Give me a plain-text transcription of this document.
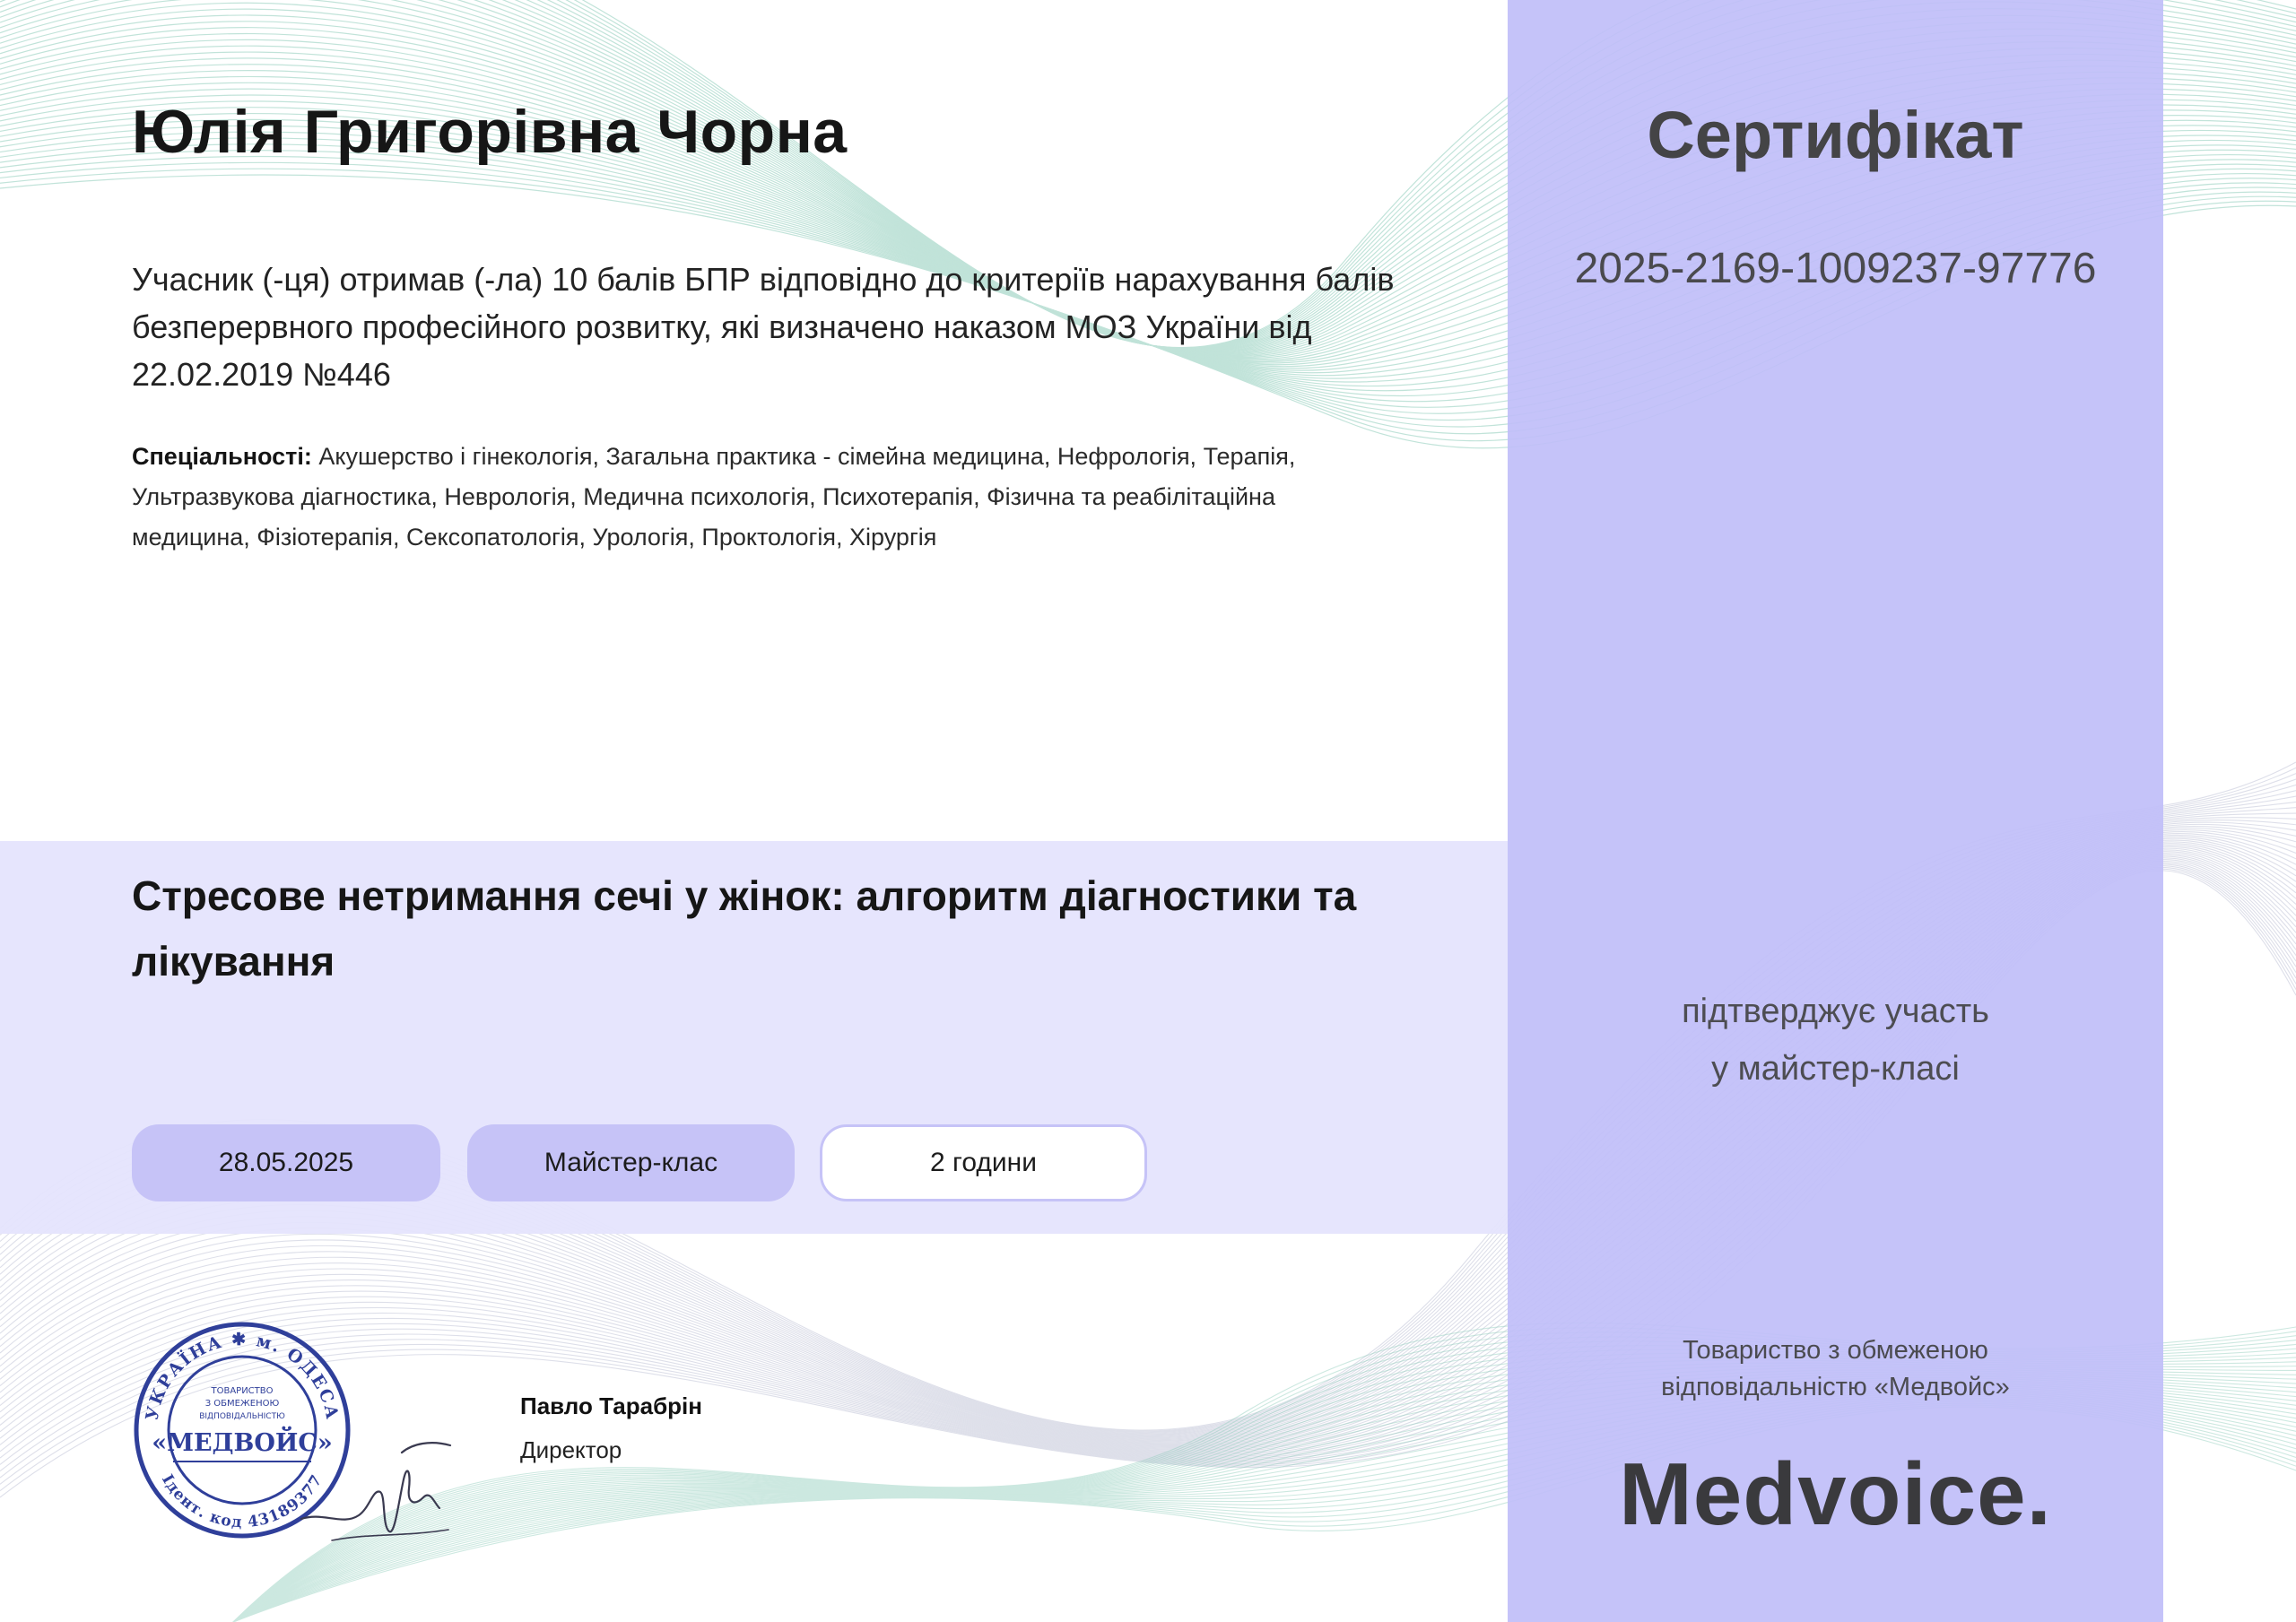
Юлія Григорівна Чорна

Учасник (-ця) отримав (-ла) 10 балів БПР відповідно до критеріїв нарахування балів безперервного професійного розвитку, які визначено наказом МОЗ України від 22.02.2019 №446

Спеціальності: Акушерство і гінекологія, Загальна практика - сімейна медицина, Нефрологія, Терапія, Ультразвукова діагностика, Неврологія, Медична психологія, Психотерапія, Фізична та реабілітаційна медицина, Фізіотерапія, Сексопатологія, Урологія, Проктологія, Хірургія

Стресове нетримання сечі у жінок: алгоритм діагностики та лікування
28.05.2025	Майстер-клас	2 години
УКРАЇНА ✱ м. ОДЕСА
Ідент. код 43189377
ТОВАРИСТВО
З ОБМЕЖЕНОЮ
ВІДПОВІДАЛЬНІСТЮ
«МЕДВОЙС»

Павло Тарабрін

Директор

Сертифікат

2025-2169-1009237-97776

підтверджує участь
у майстер-класі

Товариство з обмеженою
відповідальністю «Медвойс»

Medvoice.
